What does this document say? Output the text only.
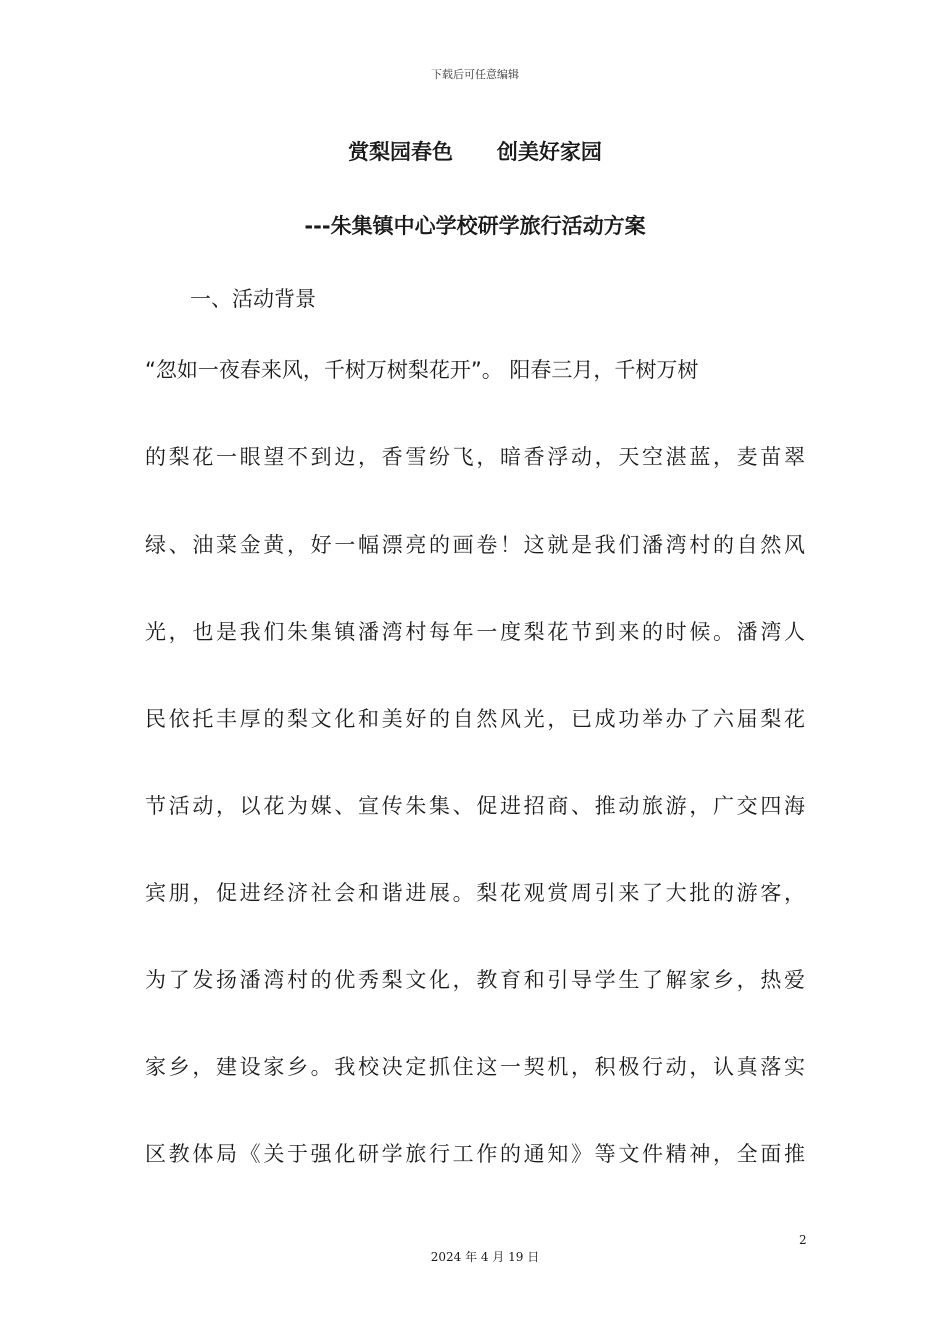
下载后可任意编辑
赏梨园春色      创美好家园
---朱集镇中心学校研学旅行活动方案
一、活动背景
“忽如一夜春来风，千树万树梨花开”。 阳春三月，千树万树
的梨花一眼望不到边，香雪纷飞，暗香浮动，天空湛蓝，麦苗翠
绿、油菜金黄，好一幅漂亮的画卷！这就是我们潘湾村的自然风
光，也是我们朱集镇潘湾村每年一度梨花节到来的时候。潘湾人
民依托丰厚的梨文化和美好的自然风光，已成功举办了六届梨花
节活动，以花为媒、宣传朱集、促进招商、推动旅游，广交四海
宾朋，促进经济社会和谐进展。梨花观赏周引来了大批的游客，
为了发扬潘湾村的优秀梨文化，教育和引导学生了解家乡，热爱
家乡，建设家乡。我校决定抓住这一契机，积极行动，认真落实
区教体局《关于强化研学旅行工作的通知》等文件精神，全面推
2
2024 年 4 月 19 日
